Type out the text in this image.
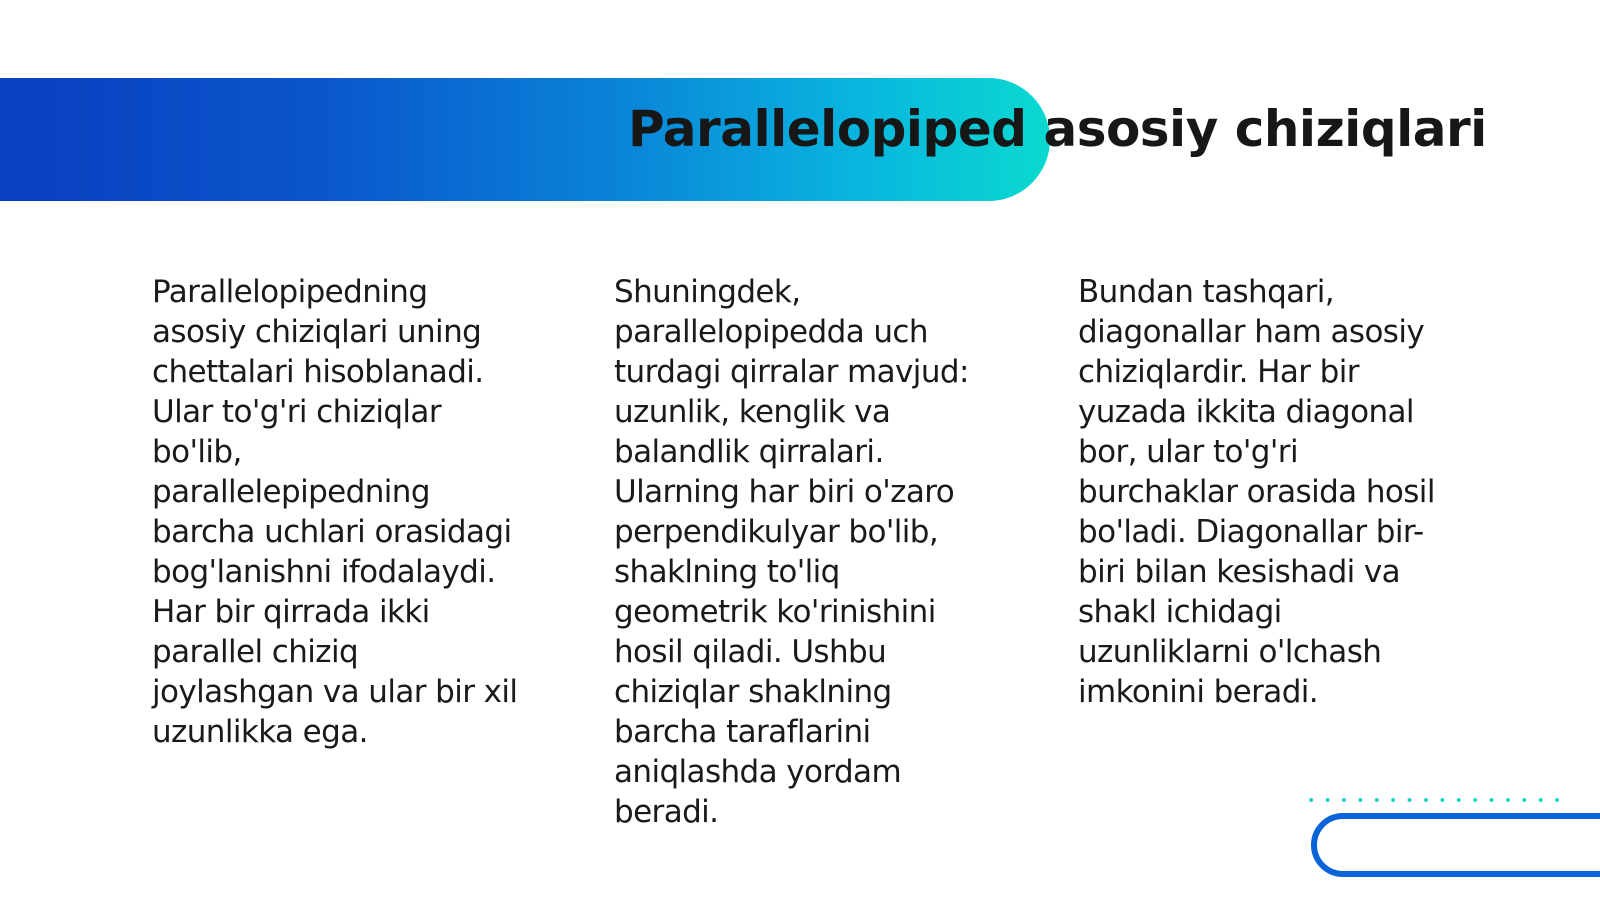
Parallelopiped asosiy chiziqlari

Parallelopipedning asosiy chiziqlari uning chettalari hisoblanadi. Ular to'g'ri chiziqlar bo'lib, parallelepipedning barcha uchlari orasidagi bog'lanishni ifodalaydi. Har bir qirrada ikki parallel chiziq joylashgan va ular bir xil uzunlikka ega.

Shuningdek, parallelopipedda uch turdagi qirralar mavjud: uzunlik, kenglik va balandlik qirralari. Ularning har biri o'zaro perpendikulyar bo'lib, shaklning to'liq geometrik ko'rinishini hosil qiladi. Ushbu chiziqlar shaklning barcha taraflarini aniqlashda yordam beradi.

Bundan tashqari, diagonallar ham asosiy chiziqlardir. Har bir yuzada ikkita diagonal bor, ular to'g'ri burchaklar orasida hosil bo'ladi. Diagonallar bir-biri bilan kesishadi va shakl ichidagi uzunliklarni o'lchash imkonini beradi.
